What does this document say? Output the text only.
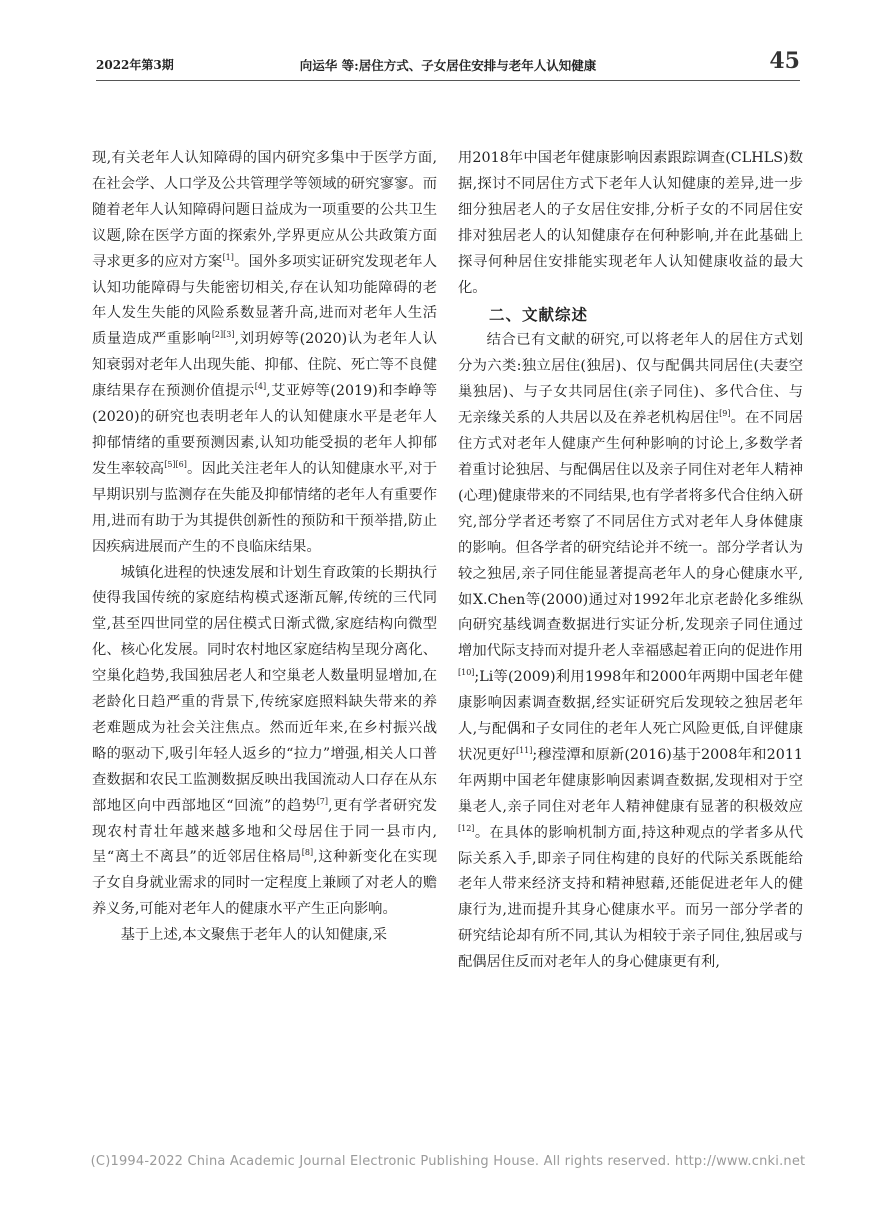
2022年第3期	向运华 等:居住方式、子女居住安排与老年人认知健康	45

现,有关老年人认知障碍的国内研究多集中于医学方面,在社会学、人口学及公共管理学等领域的研究寥寥。而随着老年人认知障碍问题日益成为一项重要的公共卫生议题,除在医学方面的探索外,学界更应从公共政策方面寻求更多的应对方案[1]。国外多项实证研究发现老年人认知功能障碍与失能密切相关,存在认知功能障碍的老年人发生失能的风险系数显著升高,进而对老年人生活质量造成严重影响[2][3],刘玥婷等(2020)认为老年人认知衰弱对老年人出现失能、抑郁、住院、死亡等不良健康结果存在预测价值提示[4],艾亚婷等(2019)和李峥等(2020)的研究也表明老年人的认知健康水平是老年人抑郁情绪的重要预测因素,认知功能受损的老年人抑郁发生率较高[5][6]。因此关注老年人的认知健康水平,对于早期识别与监测存在失能及抑郁情绪的老年人有重要作用,进而有助于为其提供创新性的预防和干预举措,防止因疾病进展而产生的不良临床结果。

城镇化进程的快速发展和计划生育政策的长期执行使得我国传统的家庭结构模式逐渐瓦解,传统的三代同堂,甚至四世同堂的居住模式日渐式微,家庭结构向微型化、核心化发展。同时农村地区家庭结构呈现分离化、空巢化趋势,我国独居老人和空巢老人数量明显增加,在老龄化日趋严重的背景下,传统家庭照料缺失带来的养老难题成为社会关注焦点。然而近年来,在乡村振兴战略的驱动下,吸引年轻人返乡的“拉力”增强,相关人口普查数据和农民工监测数据反映出我国流动人口存在从东部地区向中西部地区“回流”的趋势[7],更有学者研究发现农村青壮年越来越多地和父母居住于同一县市内,呈“离土不离县”的近邻居住格局[8],这种新变化在实现子女自身就业需求的同时一定程度上兼顾了对老人的赡养义务,可能对老年人的健康水平产生正向影响。

基于上述,本文聚焦于老年人的认知健康,采

用2018年中国老年健康影响因素跟踪调查(CLHLS)数据,探讨不同居住方式下老年人认知健康的差异,进一步细分独居老人的子女居住安排,分析子女的不同居住安排对独居老人的认知健康存在何种影响,并在此基础上探寻何种居住安排能实现老年人认知健康收益的最大化。

二、文献综述

结合已有文献的研究,可以将老年人的居住方式划分为六类:独立居住(独居)、仅与配偶共同居住(夫妻空巢独居)、与子女共同居住(亲子同住)、多代合住、与无亲缘关系的人共居以及在养老机构居住[9]。在不同居住方式对老年人健康产生何种影响的讨论上,多数学者着重讨论独居、与配偶居住以及亲子同住对老年人精神(心理)健康带来的不同结果,也有学者将多代合住纳入研究,部分学者还考察了不同居住方式对老年人身体健康的影响。但各学者的研究结论并不统一。部分学者认为较之独居,亲子同住能显著提高老年人的身心健康水平,如X.Chen等(2000)通过对1992年北京老龄化多维纵向研究基线调查数据进行实证分析,发现亲子同住通过增加代际支持而对提升老人幸福感起着正向的促进作用[10];Li等(2009)利用1998年和2000年两期中国老年健康影响因素调查数据,经实证研究后发现较之独居老年人,与配偶和子女同住的老年人死亡风险更低,自评健康状况更好[11];穆滢潭和原新(2016)基于2008年和2011年两期中国老年健康影响因素调查数据,发现相对于空巢老人,亲子同住对老年人精神健康有显著的积极效应[12]。在具体的影响机制方面,持这种观点的学者多从代际关系入手,即亲子同住构建的良好的代际关系既能给老年人带来经济支持和精神慰藉,还能促进老年人的健康行为,进而提升其身心健康水平。而另一部分学者的研究结论却有所不同,其认为相较于亲子同住,独居或与配偶居住反而对老年人的身心健康更有利,

(C)1994-2022 China Academic Journal Electronic Publishing House. All rights reserved. http://www.cnki.net
